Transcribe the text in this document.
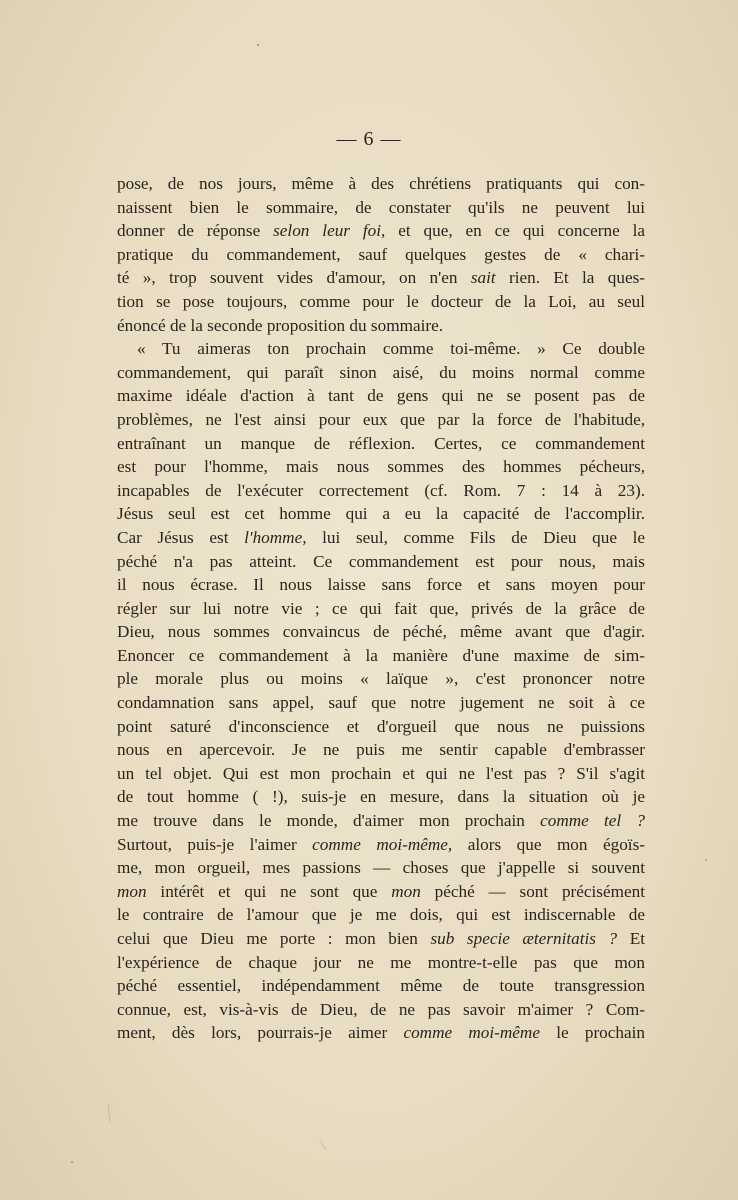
— 6 —
pose, de nos jours, même à des chrétiens pratiquants qui con-
naissent bien le sommaire, de constater qu'ils ne peuvent lui
donner de réponse selon leur foi, et que, en ce qui concerne la
pratique du commandement, sauf quelques gestes de « chari-
té », trop souvent vides d'amour, on n'en sait rien. Et la ques-
tion se pose toujours, comme pour le docteur de la Loi, au seul
énoncé de la seconde proposition du sommaire.
« Tu aimeras ton prochain comme toi-même. » Ce double
commandement, qui paraît sinon aisé, du moins normal comme
maxime idéale d'action à tant de gens qui ne se posent pas de
problèmes, ne l'est ainsi pour eux que par la force de l'habitude,
entraînant un manque de réflexion. Certes, ce commandement
est pour l'homme, mais nous sommes des hommes pécheurs,
incapables de l'exécuter correctement (cf. Rom. 7 : 14 à 23).
Jésus seul est cet homme qui a eu la capacité de l'accomplir.
Car Jésus est l'homme, lui seul, comme Fils de Dieu que le
péché n'a pas atteint. Ce commandement est pour nous, mais
il nous écrase. Il nous laisse sans force et sans moyen pour
régler sur lui notre vie ; ce qui fait que, privés de la grâce de
Dieu, nous sommes convaincus de péché, même avant que d'agir.
Enoncer ce commandement à la manière d'une maxime de sim-
ple morale plus ou moins « laïque », c'est prononcer notre
condamnation sans appel, sauf que notre jugement ne soit à ce
point saturé d'inconscience et d'orgueil que nous ne puissions
nous en apercevoir. Je ne puis me sentir capable d'embrasser
un tel objet. Qui est mon prochain et qui ne l'est pas ? S'il s'agit
de tout homme ( !), suis-je en mesure, dans la situation où je
me trouve dans le monde, d'aimer mon prochain comme tel ?
Surtout, puis-je l'aimer comme moi-même, alors que mon égoïs-
me, mon orgueil, mes passions — choses que j'appelle si souvent
mon intérêt et qui ne sont que mon péché — sont précisément
le contraire de l'amour que je me dois, qui est indiscernable de
celui que Dieu me porte : mon bien sub specie æternitatis ? Et
l'expérience de chaque jour ne me montre-t-elle pas que mon
péché essentiel, indépendamment même de toute transgression
connue, est, vis-à-vis de Dieu, de ne pas savoir m'aimer ? Com-
ment, dès lors, pourrais-je aimer comme moi-même le prochain
